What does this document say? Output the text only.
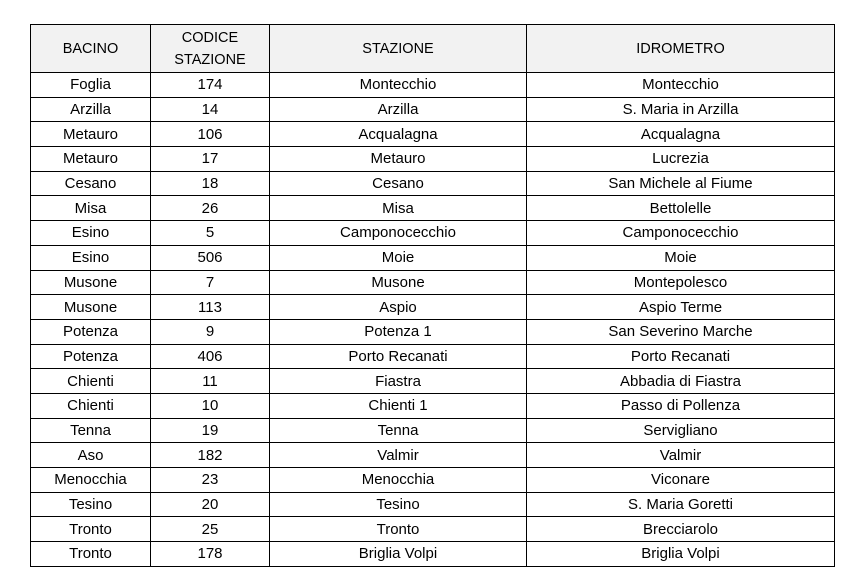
BACINO	CODICE STAZIONE	STAZIONE	IDROMETRO
Foglia	174	Montecchio	Montecchio
Arzilla	14	Arzilla	S. Maria in Arzilla
Metauro	106	Acqualagna	Acqualagna
Metauro	17	Metauro	Lucrezia
Cesano	18	Cesano	San Michele al Fiume
Misa	26	Misa	Bettolelle
Esino	5	Camponocecchio	Camponocecchio
Esino	506	Moie	Moie
Musone	7	Musone	Montepolesco
Musone	113	Aspio	Aspio Terme
Potenza	9	Potenza 1	San Severino Marche
Potenza	406	Porto Recanati	Porto Recanati
Chienti	11	Fiastra	Abbadia di Fiastra
Chienti	10	Chienti 1	Passo di Pollenza
Tenna	19	Tenna	Servigliano
Aso	182	Valmir	Valmir
Menocchia	23	Menocchia	Viconare
Tesino	20	Tesino	S. Maria Goretti
Tronto	25	Tronto	Brecciarolo
Tronto	178	Briglia Volpi	Briglia Volpi
